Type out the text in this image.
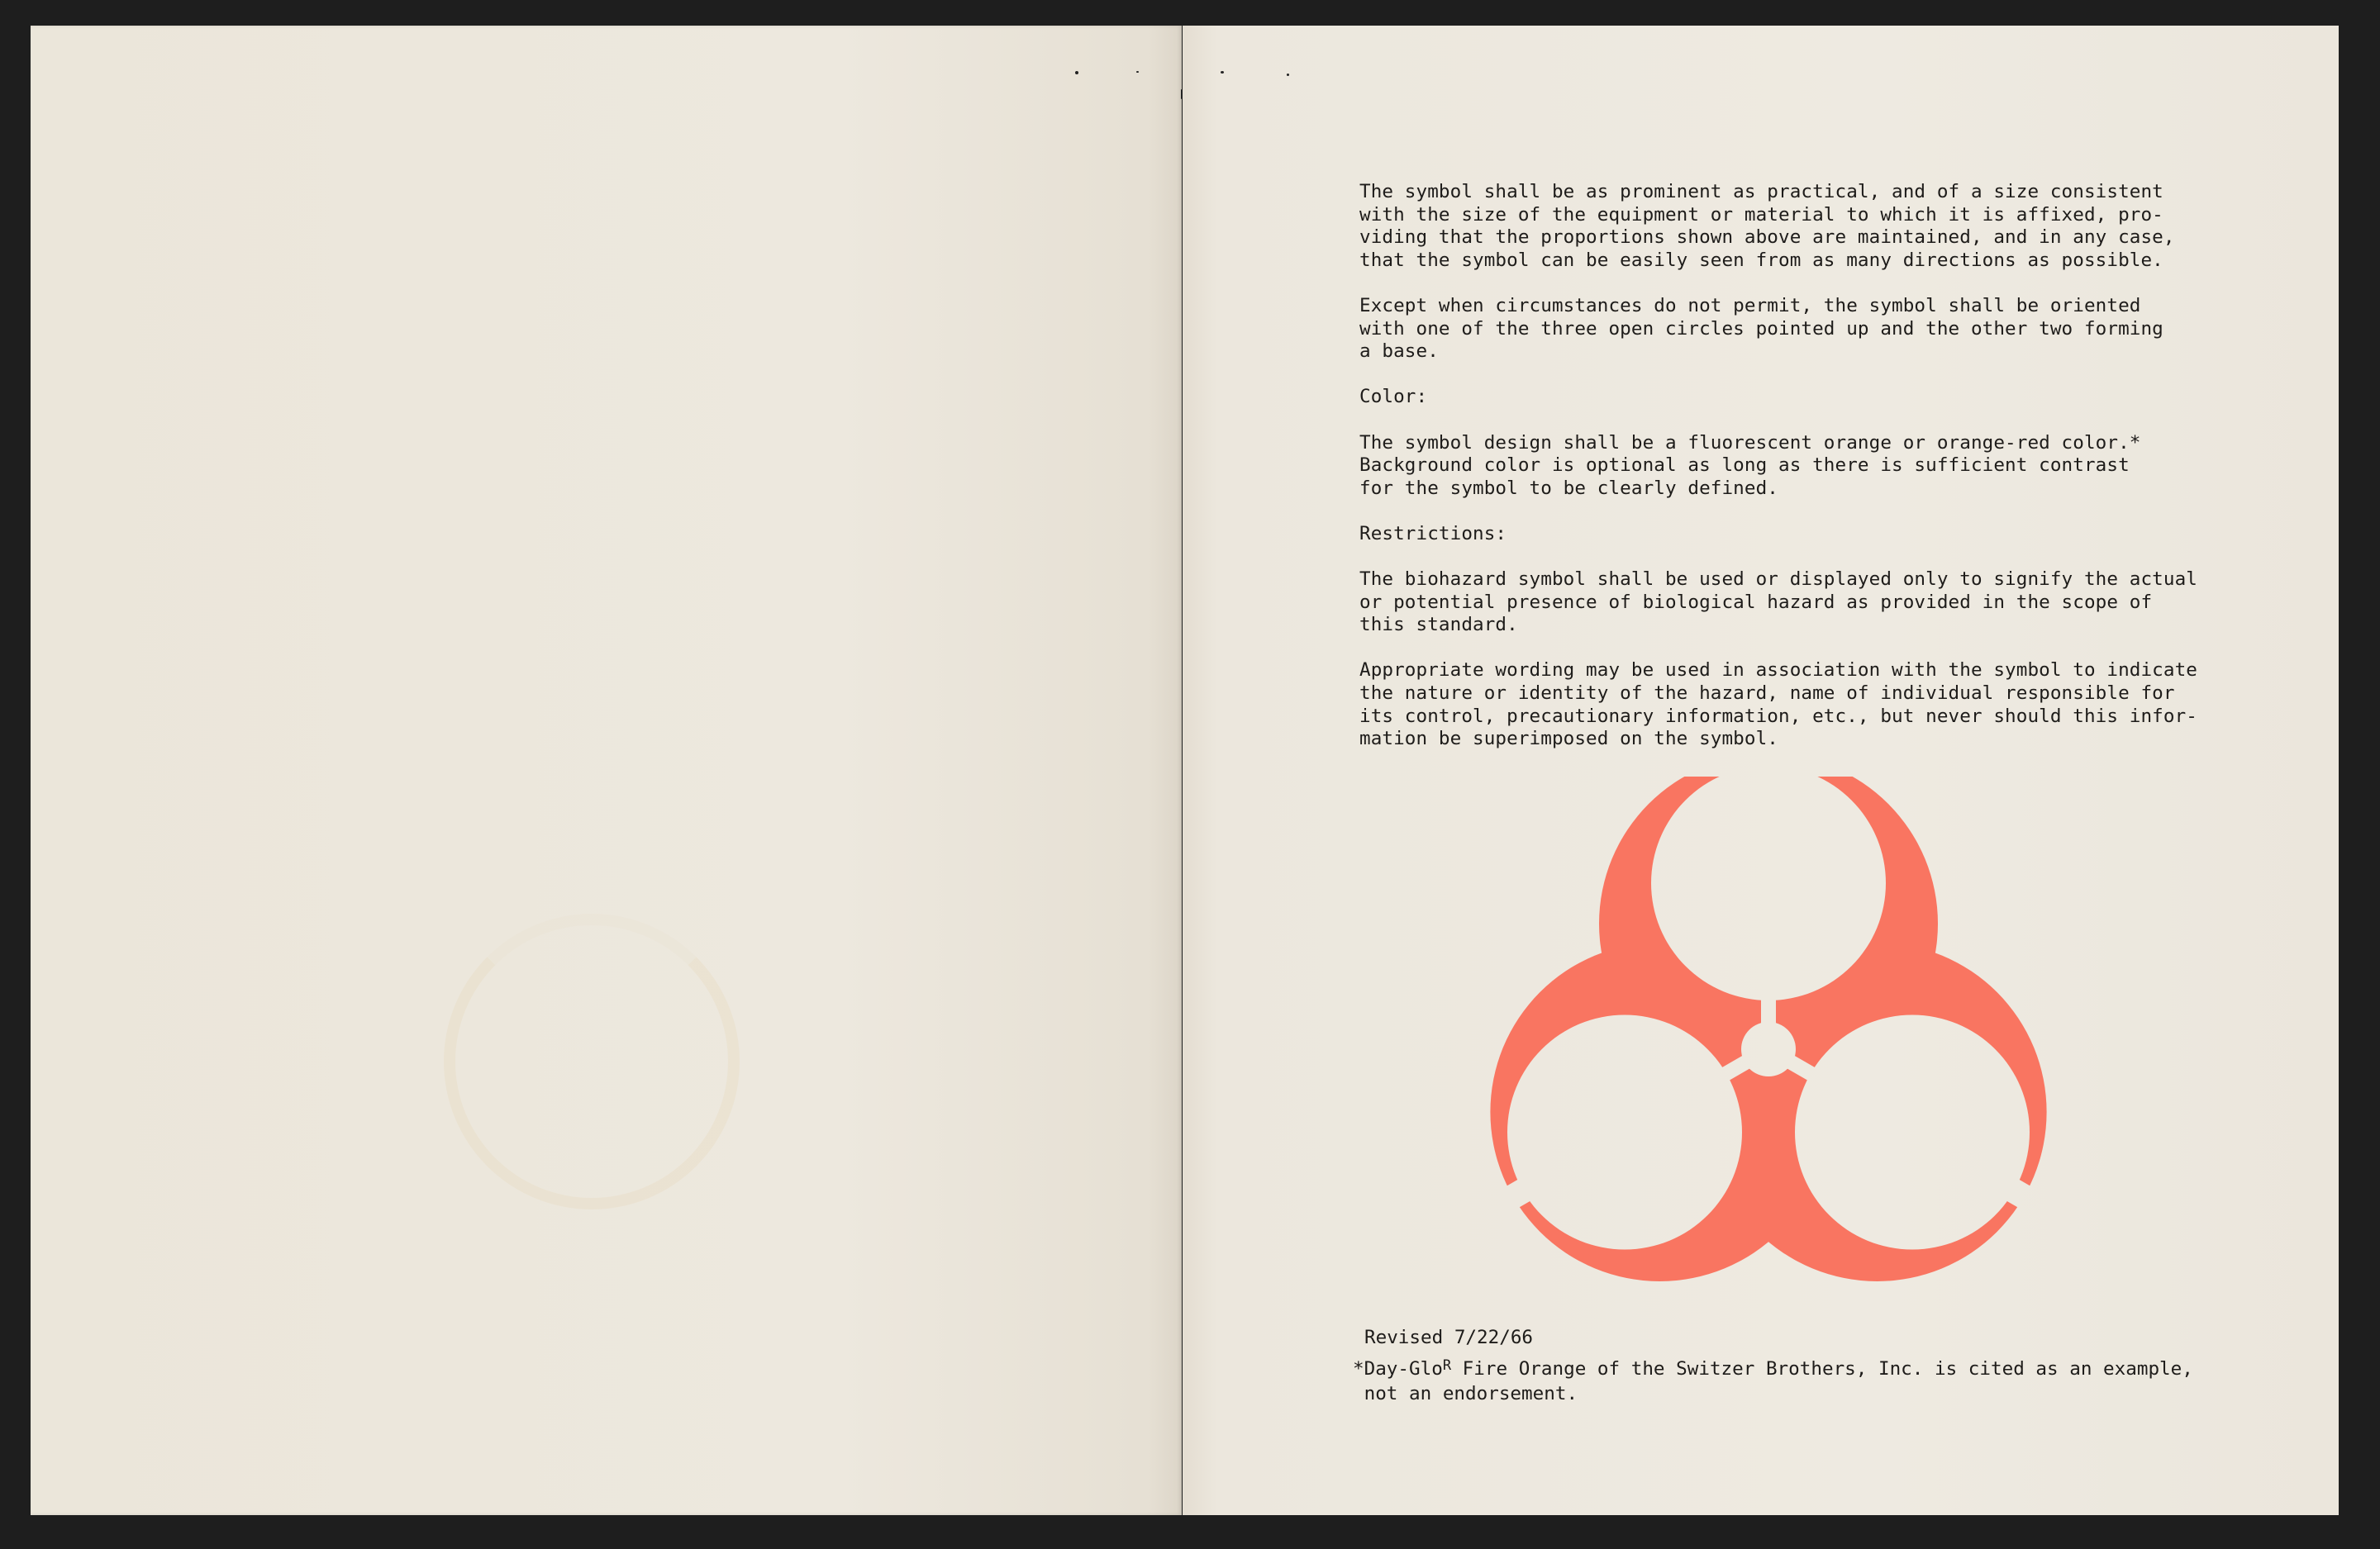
The symbol shall be as prominent as practical, and of a size consistent
with the size of the equipment or material to which it is affixed, pro-
viding that the proportions shown above are maintained, and in any case,
that the symbol can be easily seen from as many directions as possible.

Except when circumstances do not permit, the symbol shall be oriented
with one of the three open circles pointed up and the other two forming
a base.

Color:

The symbol design shall be a fluorescent orange or orange-red color.*
Background color is optional as long as there is sufficient contrast
for the symbol to be clearly defined.

Restrictions:

The biohazard symbol shall be used or displayed only to signify the actual
or potential presence of biological hazard as provided in the scope of
this standard.

Appropriate wording may be used in association with the symbol to indicate
the nature or identity of the hazard, name of individual responsible for
its control, precautionary information, etc., but never should this infor-
mation be superimposed on the symbol.

Revised 7/22/66
*Day-Glo$^R$ Fire Orange of the Switzer Brothers, Inc. is cited as an example,
not an endorsement.
